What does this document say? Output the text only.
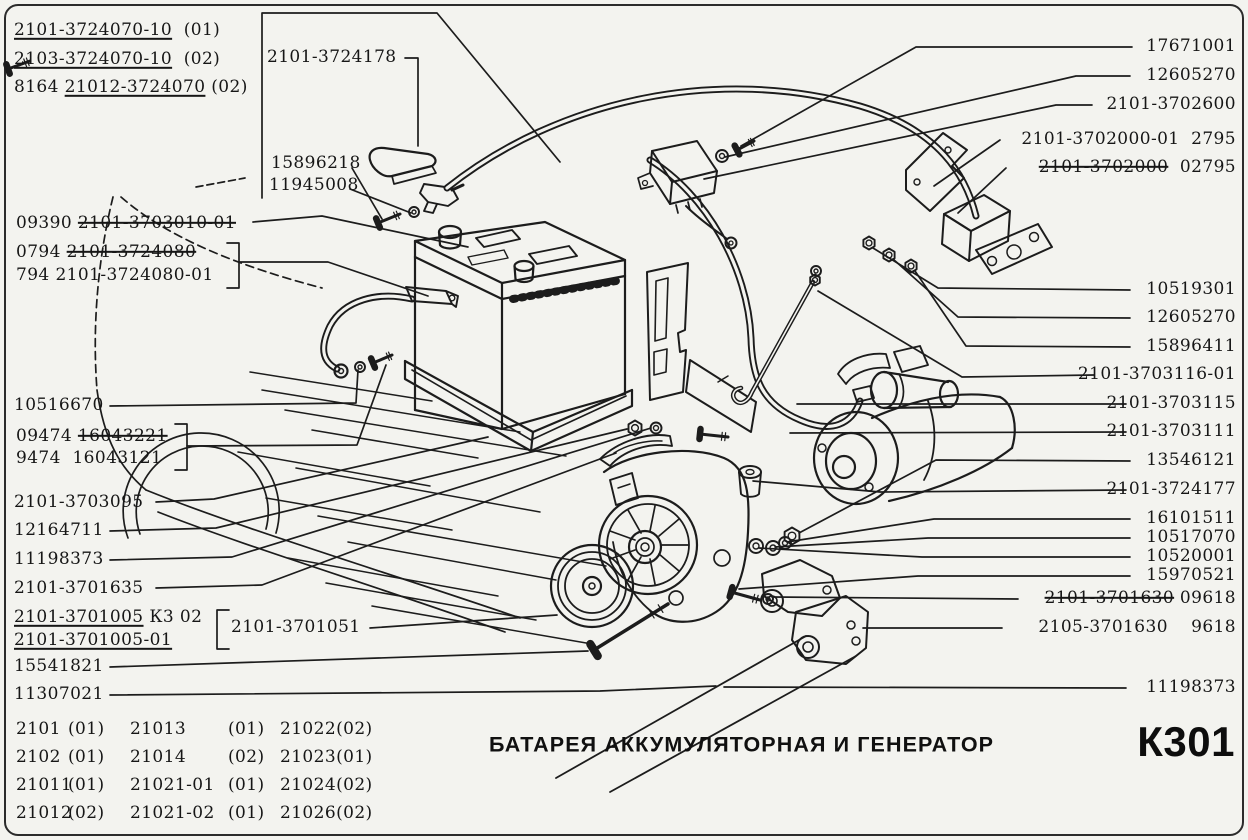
2101-3724070-10  (01)
2103-3724070-10  (02)
8164 21012-3724070 (02)
2101-3724178
15896218
11945008
09390 2101-3703010-01
0794 2101-3724080
794 2101-3724080-01
10516670
09474 16043221
9474  16043121
2101-3703095
12164711
11198373
2101-3701635
2101-3701005 К3 02
2101-3701005-01
2101-3701051
15541821
11307021
17671001
12605270
2101-3702600
2101-3702000-01  2795
2101-3702000  02795
10519301
12605270
15896411
2101-3703116-01
2101-3703115
2101-3703111
13546121
2101-3724177
16101511
10517070
10520001
15970521
2101-3701630 09618
2105-3701630    9618
11198373
2101 (01) 21013 (01) 21022(02)
2102 (01) 21014 (02) 21023(01)
21011
(01) 21021-01 (01) 21024(02)
21012
(02) 21021-02 (01) 21026(02)
БАТАРЕЯ АККУМУЛЯТОРНАЯ И ГЕНЕРАТОР	К301
